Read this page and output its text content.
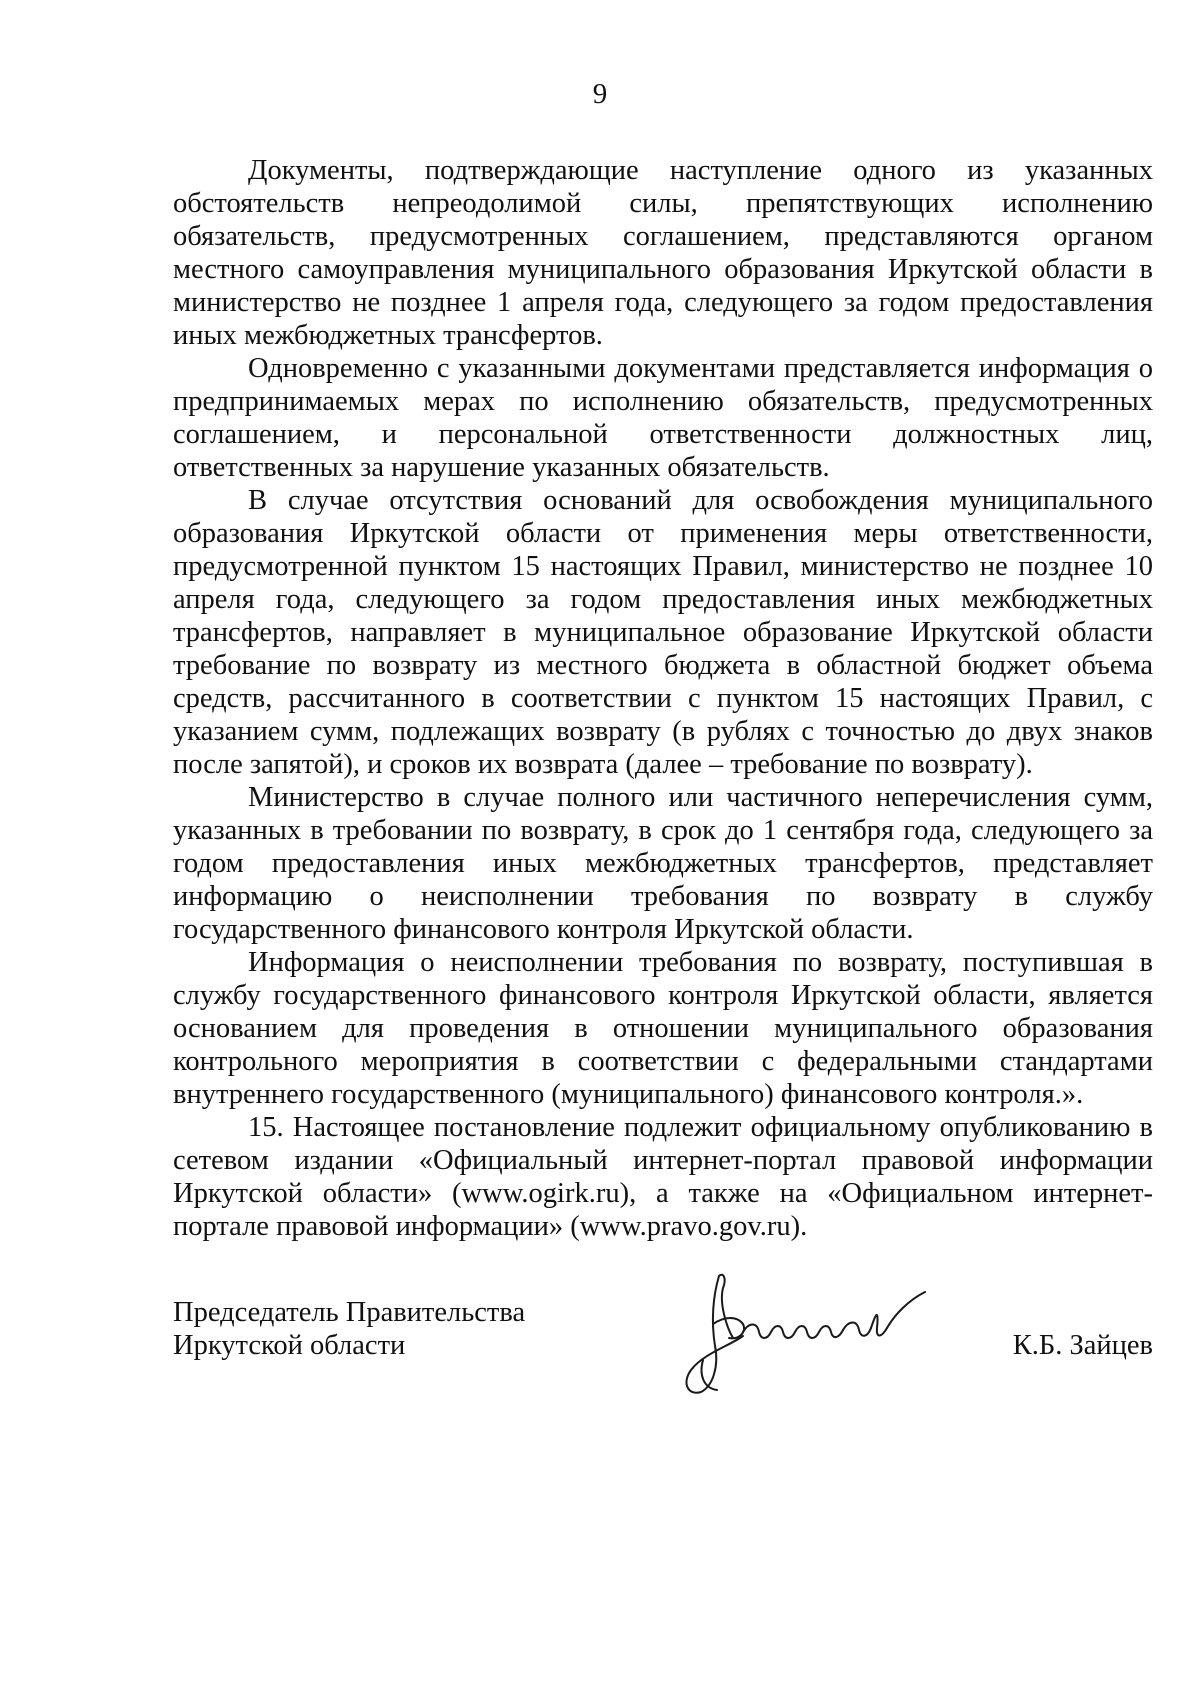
9

Документы, подтверждающие наступление одного из указанных обстоятельств непреодолимой силы, препятствующих исполнению обязательств, предусмотренных соглашением, представляются органом местного самоуправления муниципального образования Иркутской области в министерство не позднее 1 апреля года, следующего за годом предоставления иных межбюджетных трансфертов.

Одновременно с указанными документами представляется информация о предпринимаемых мерах по исполнению обязательств, предусмотренных соглашением, и персональной ответственности должностных лиц, ответственных за нарушение указанных обязательств.

В случае отсутствия оснований для освобождения муниципального образования Иркутской области от применения меры ответственности, предусмотренной пунктом 15 настоящих Правил, министерство не позднее 10 апреля года, следующего за годом предоставления иных межбюджетных трансфертов, направляет в муниципальное образование Иркутской области требование по возврату из местного бюджета в областной бюджет объема средств, рассчитанного в соответствии с пунктом 15 настоящих Правил, с указанием сумм, подлежащих возврату (в рублях с точностью до двух знаков после запятой), и сроков их возврата (далее – требование по возврату).

Министерство в случае полного или частичного неперечисления сумм, указанных в требовании по возврату, в срок до 1 сентября года, следующего за годом предоставления иных межбюджетных трансфертов, представляет информацию о неисполнении требования по возврату в службу государственного финансового контроля Иркутской области.

Информация о неисполнении требования по возврату, поступившая в службу государственного финансового контроля Иркутской области, является основанием для проведения в отношении муниципального образования контрольного мероприятия в соответствии с федеральными стандартами внутреннего государственного (муниципального) финансового контроля.».

15. Настоящее постановление подлежит официальному опубликованию в сетевом издании «Официальный интернет-портал правовой информации Иркутской области» (www.ogirk.ru), а также на «Официальном интернет-портале правовой информации» (www.pravo.gov.ru).

Председатель Правительства
Иркутской области	К.Б. Зайцев
